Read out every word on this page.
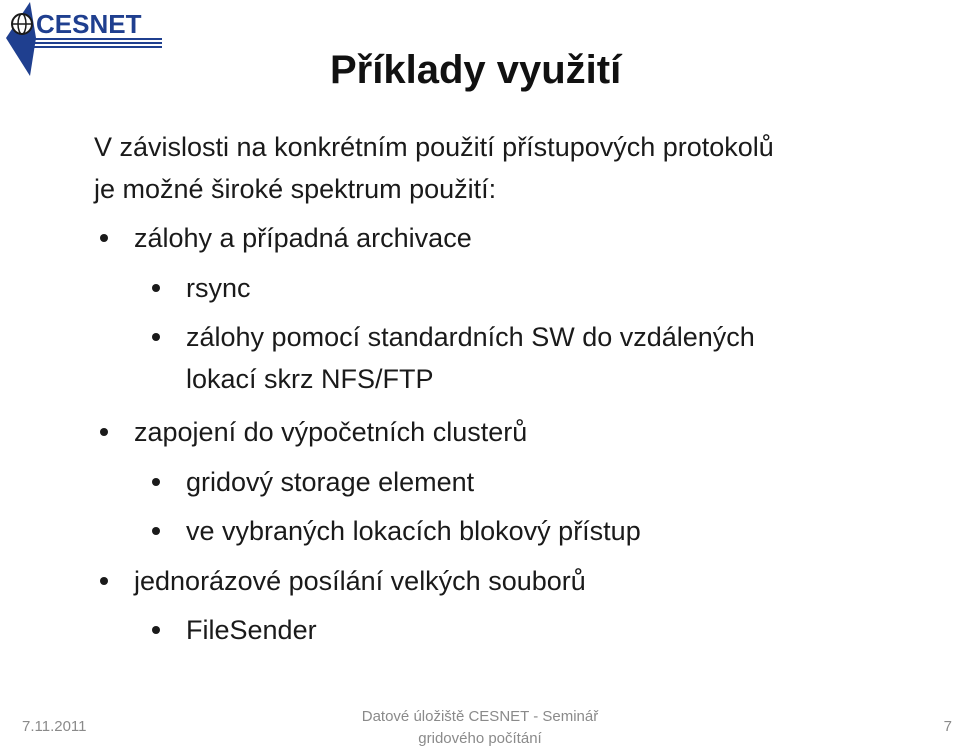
CESNET
Příklady využití
V závislosti na konkrétním použití přístupových protokolů
je možné široké spektrum použití:
zálohy a případná archivace
rsync
zálohy pomocí standardních SW do vzdálených
lokací skrz NFS/FTP
zapojení do výpočetních clusterů
gridový storage element
ve vybraných lokacích blokový přístup
jednorázové posílání velkých souborů
FileSender
7.11.2011
Datové úložiště CESNET - Seminář
gridového počítání
7
